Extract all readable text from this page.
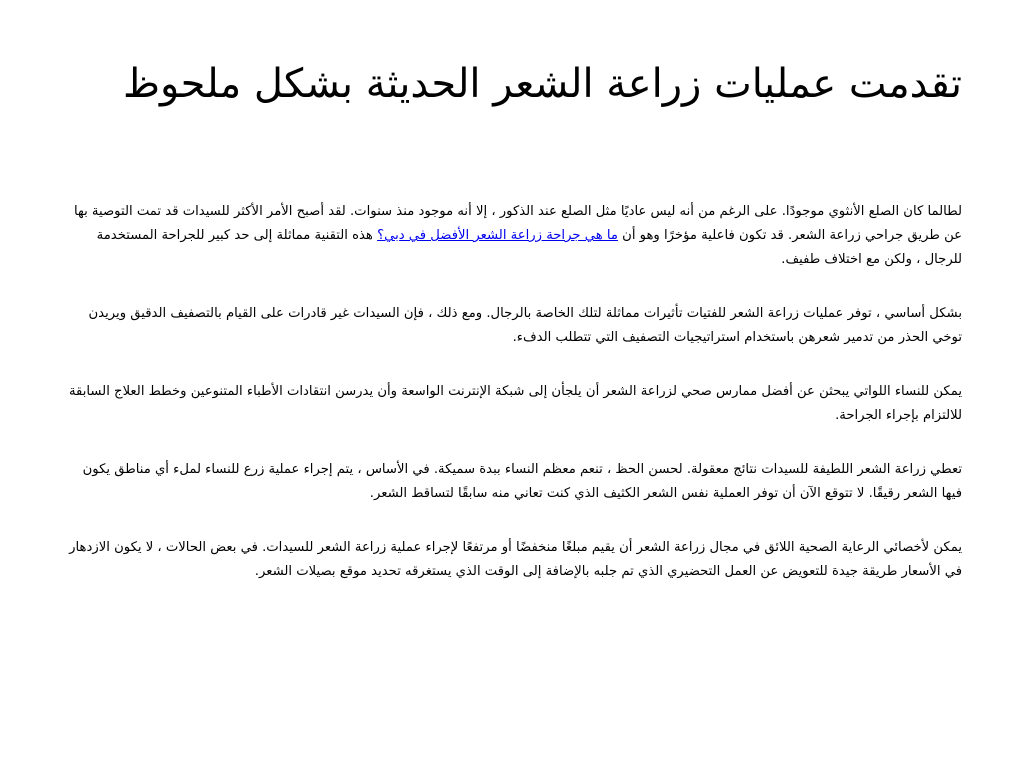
تقدمت عمليات زراعة الشعر الحديثة بشكل ملحوظ

لطالما كان الصلع الأنثوي موجودًا. على الرغم من أنه ليس عاديًا مثل الصلع عند الذكور ، إلا أنه موجود منذ سنوات. لقد أصبح الأمر الأكثر للسيدات قد تمت التوصية بها عن طريق جراحي زراعة الشعر. قد تكون فاعلية مؤخرًا وهو أن ما هي جراحة زراعة الشعر الأفضل في دبي؟ هذه التقنية مماثلة إلى حد كبير للجراحة المستخدمة للرجال ، ولكن مع اختلاف طفيف.

بشكل أساسي ، توفر عمليات زراعة الشعر للفتيات تأثيرات مماثلة لتلك الخاصة بالرجال. ومع ذلك ، فإن السيدات غير قادرات على القيام بالتصفيف الدقيق ويريدن توخي الحذر من تدمير شعرهن باستخدام استراتيجيات التصفيف التي تتطلب الدفء.

يمكن للنساء اللواتي يبحثن عن أفضل ممارس صحي لزراعة الشعر أن يلجأن إلى شبكة الإنترنت الواسعة وأن يدرسن انتقادات الأطباء المتنوعين وخطط العلاج السابقة للالتزام بإجراء الجراحة.

تعطي زراعة الشعر اللطيفة للسيدات نتائج معقولة. لحسن الحظ ، تنعم معظم النساء ببدة سميكة. في الأساس ، يتم إجراء عملية زرع للنساء لملء أي مناطق يكون فيها الشعر رقيقًا. لا تتوقع الآن أن توفر العملية نفس الشعر الكثيف الذي كنت تعاني منه سابقًا لتساقط الشعر.

يمكن لأخصائي الرعاية الصحية اللائق في مجال زراعة الشعر أن يقيم مبلغًا منخفضًا أو مرتفعًا لإجراء عملية زراعة الشعر للسيدات. في بعض الحالات ، لا يكون الازدهار في الأسعار طريقة جيدة للتعويض عن العمل التحضيري الذي تم جلبه بالإضافة إلى الوقت الذي يستغرقه تحديد موقع بصيلات الشعر.
